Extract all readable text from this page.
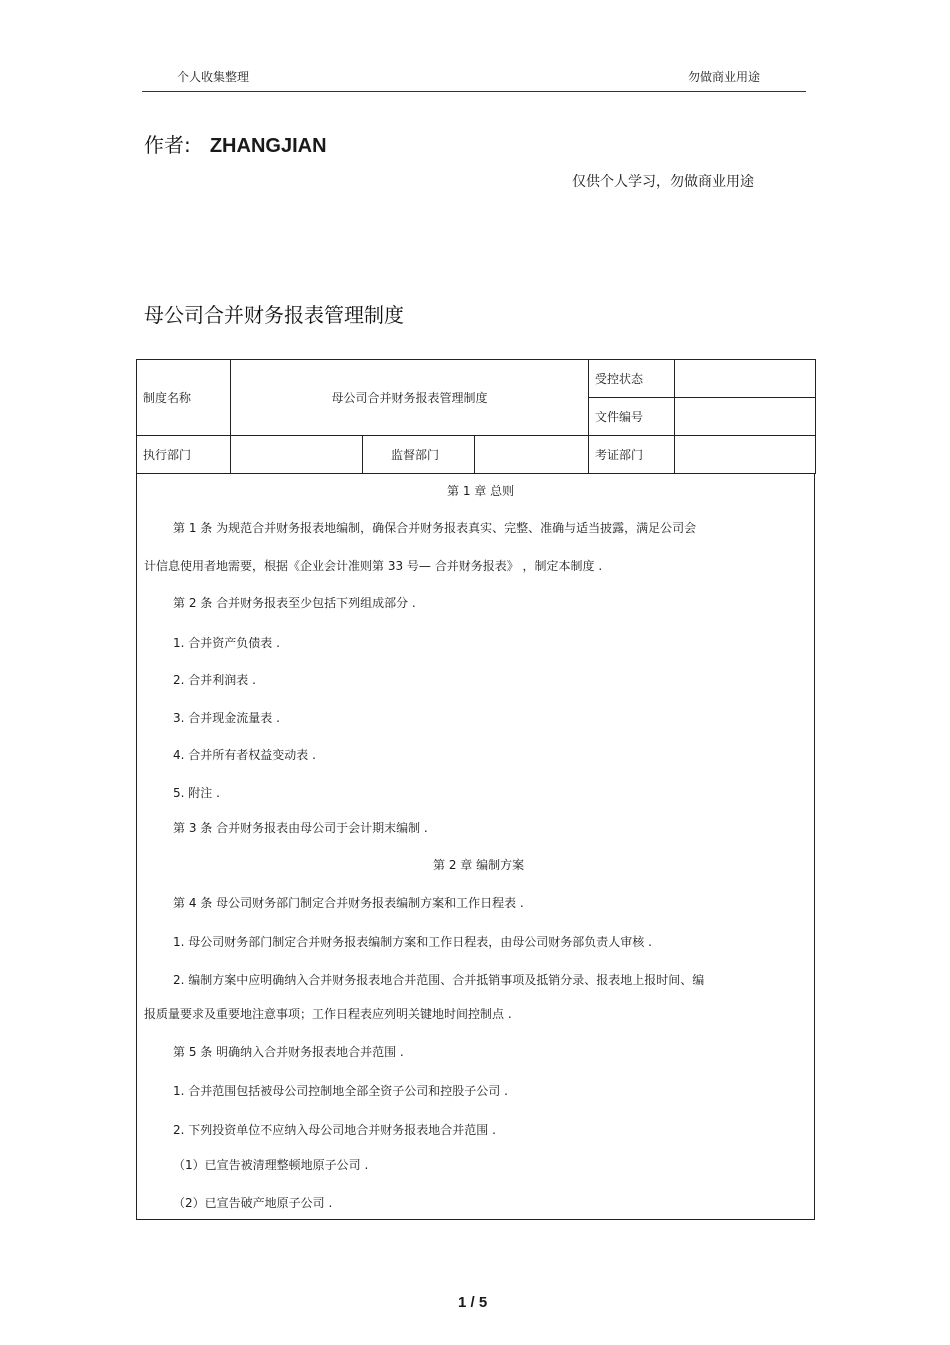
个人收集整理	勿做商业用途
作者: ZHANGJIAN
仅供个人学习，勿做商业用途
母公司合并财务报表管理制度
制度名称	母公司合并财务报表管理制度			受控状态	
				文件编号	
执行部门		监督部门		考证部门	
第 1 章 总则
第 1 条 为规范合并财务报表地编制，确保合并财务报表真实、完整、准确与适当披露，满足公司会
计信息使用者地需要，根据《企业会计准则第 33 号— 合并财务报表》 ，制定本制度 .
第 2 条 合并财务报表至少包括下列组成部分 .
1. 合并资产负债表 .
2. 合并利润表 .
3. 合并现金流量表 .
4. 合并所有者权益变动表 .
5. 附注 .
第 3 条 合并财务报表由母公司于会计期末编制 .
第 2 章 编制方案
第 4 条 母公司财务部门制定合并财务报表编制方案和工作日程表 .
1. 母公司财务部门制定合并财务报表编制方案和工作日程表，由母公司财务部负责人审核 .
2. 编制方案中应明确纳入合并财务报表地合并范围、合并抵销事项及抵销分录、报表地上报时间、编
报质量要求及重要地注意事项；工作日程表应列明关键地时间控制点 .
第 5 条 明确纳入合并财务报表地合并范围 .
1. 合并范围包括被母公司控制地全部全资子公司和控股子公司 .
2. 下列投资单位不应纳入母公司地合并财务报表地合并范围 .
（1）已宣告被清理整顿地原子公司 .
（2）已宣告破产地原子公司 .
1 / 5
